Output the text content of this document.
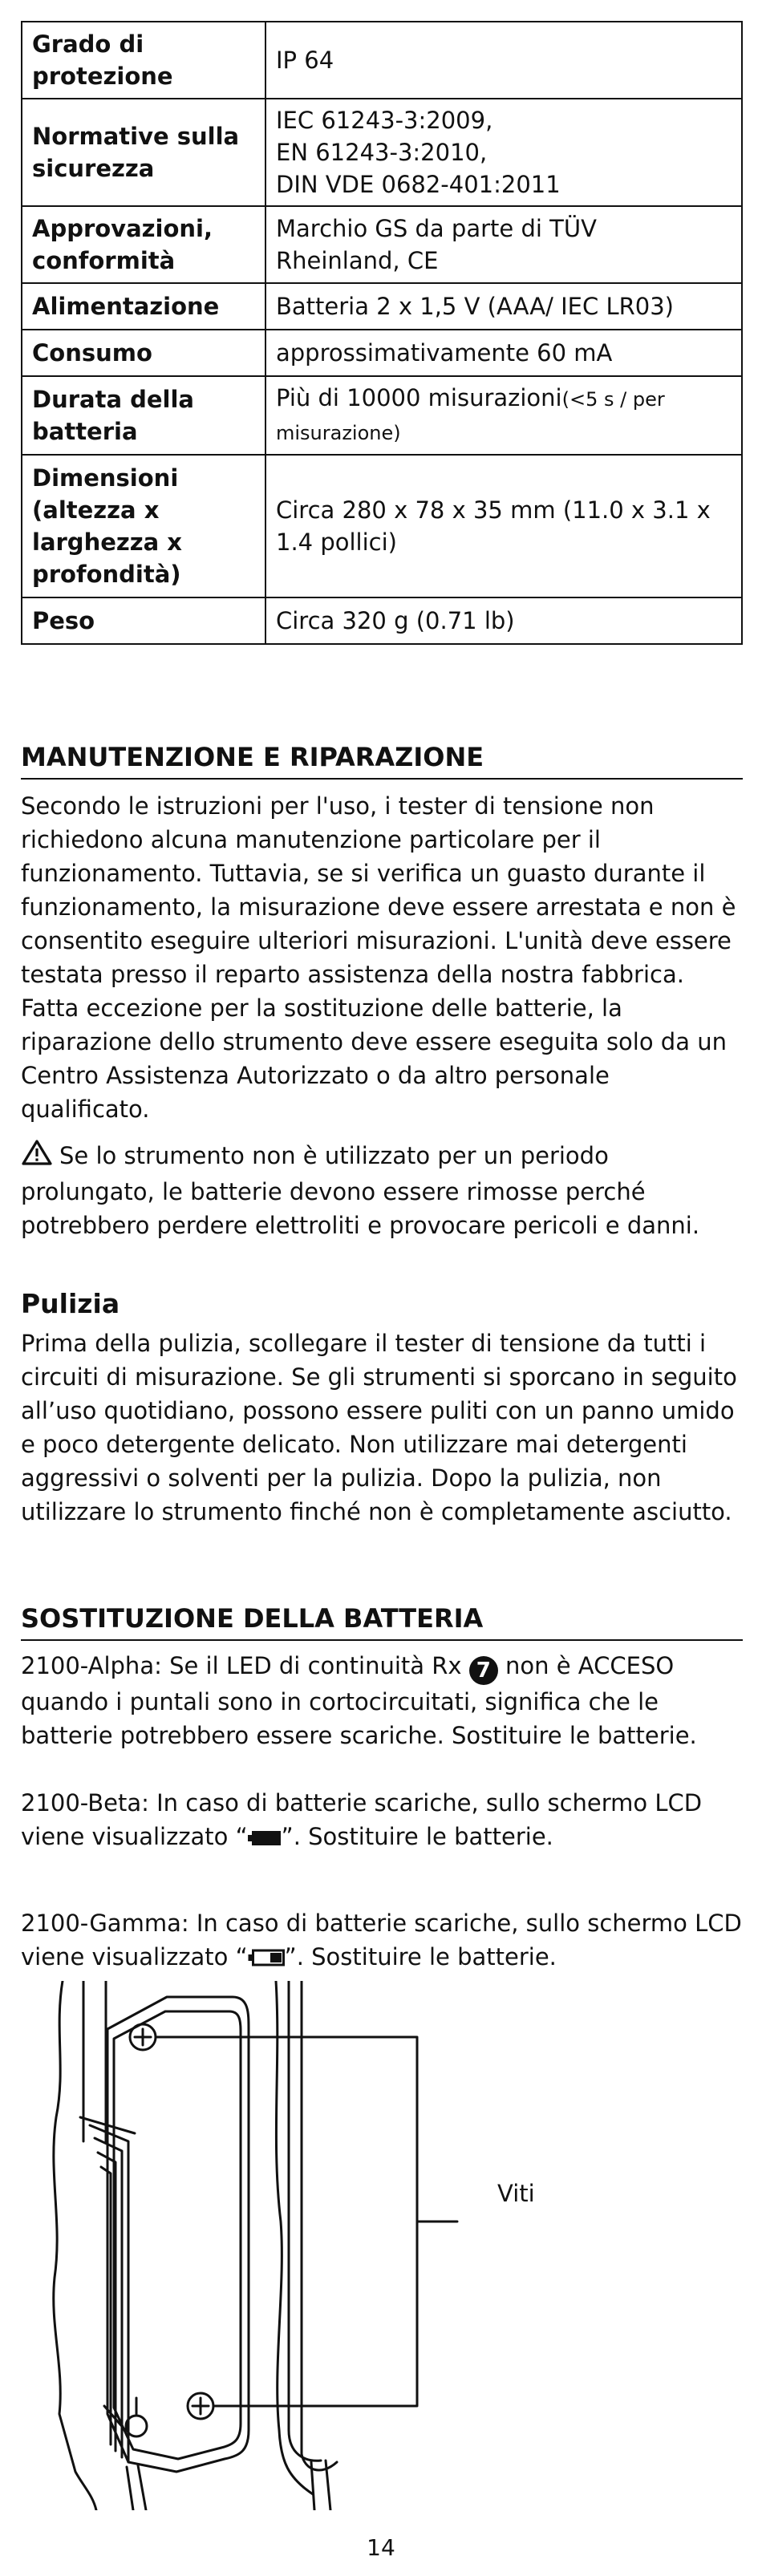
Grado di protezione	IP 64
Normative sulla sicurezza	IEC 61243-3:2009,
EN 61243-3:2010,
DIN VDE 0682-401:2011

Approvazioni, conformità	Marchio GS da parte di TÜV
Rheinland, CE

Alimentazione	Batteria 2 x 1,5 V (AAA/ IEC LR03)
Consumo	approssimativamente 60 mA
Durata della batteria	Più di 10000 misurazioni(<5 s / per misurazione)
Dimensioni (altezza x larghezza x profondità)	Circa 280 x 78 x 35 mm (11.0 x 3.1 x 1.4 pollici)
Peso	Circa 320 g (0.71 lb)
MANUTENZIONE E RIPARAZIONE

Secondo le istruzioni per l'uso, i tester di tensione non richiedono alcuna manutenzione particolare per il funzionamento. Tuttavia, se si verifica un guasto durante il funzionamento, la misurazione deve essere arrestata e non è consentito eseguire ulteriori misurazioni. L'unità deve essere testata presso il reparto assistenza della nostra fabbrica. Fatta eccezione per la sostituzione delle batterie, la riparazione dello strumento deve essere eseguita solo da un Centro Assistenza Autorizzato o da altro personale qualificato.

Se lo strumento non è utilizzato per un periodo prolungato, le batterie devono essere rimosse perché potrebbero perdere elettroliti e provocare pericoli e danni.

Pulizia

Prima della pulizia, scollegare il tester di tensione da tutti i circuiti di misurazione. Se gli strumenti si sporcano in seguito all’uso quotidiano, possono essere puliti con un panno umido e poco detergente delicato. Non utilizzare mai detergenti aggressivi o solventi per la pulizia. Dopo la pulizia, non utilizzare lo strumento finché non è completamente asciutto.

SOSTITUZIONE DELLA BATTERIA

2100-Alpha: Se il LED di continuità Rx 7 non è ACCESO quando i puntali sono in cortocircuitati, significa che le batterie potrebbero essere scariche. Sostituire le batterie.

2100-Beta: In caso di batterie scariche, sullo schermo LCD viene visualizzato “ ”. Sostituire le batterie.

2100-Gamma: In caso di batterie scariche, sullo schermo LCD viene visualizzato “ ”. Sostituire le batterie.

Viti
14
